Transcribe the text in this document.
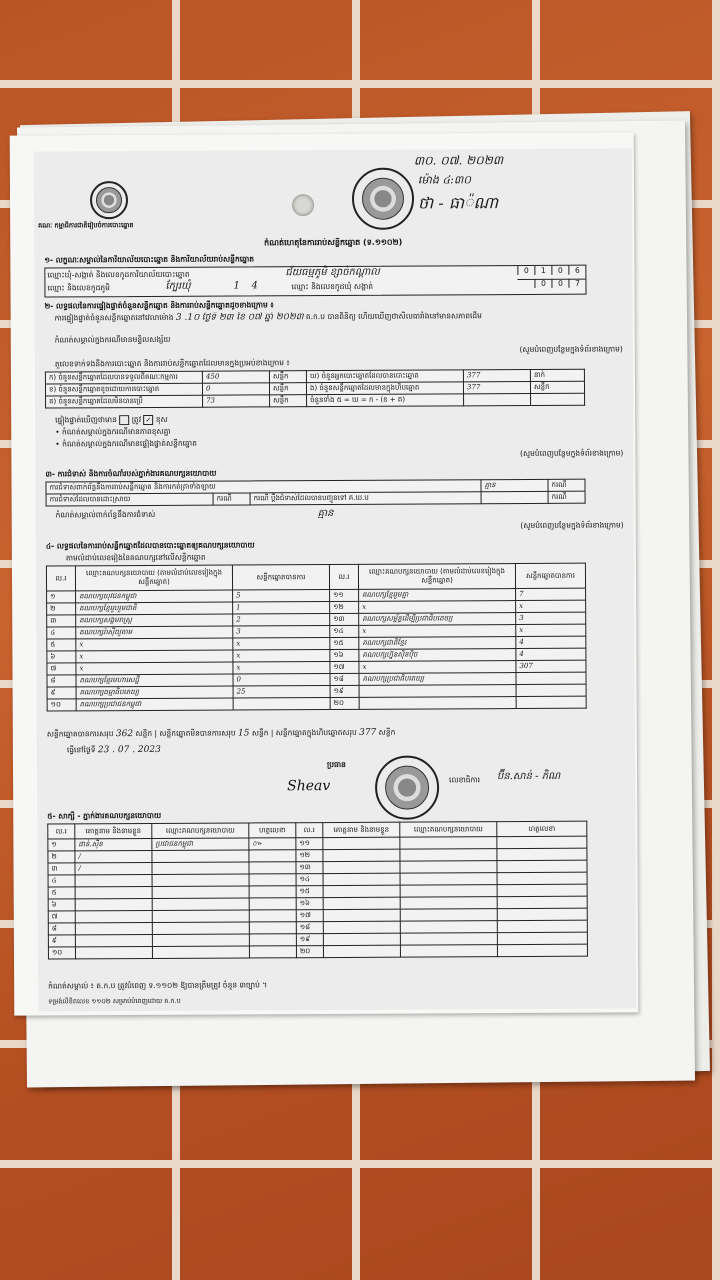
គណៈ កម្មាធិការជាតិរៀបចំការបោះឆ្នោត
៣០. ០៧. ២០២៣
ម៉ោង ៤:៣០
ថា - ធា៉ណា
កំណត់ហេតុនៃការរាប់សន្លឹកឆ្នោត (ទ.១១០២)
១- លក្ខណៈសម្គាល់នៃការិយាល័យបោះឆ្នោត និងការិយាល័យរាប់សន្លឹកឆ្នោត
ឈ្មោះឃុំ-សង្កាត់ និងលេខកូដការិយាល័យបោះឆ្នោត	ជ័យធម្មភូមិ ខ្សាច់កណ្ដាល	0 1 0 6
ឈ្មោះ និងលេខកូដភូមិ	ក្បែរ​ឃុំ	1 4	ឈ្មោះ និងលេខកូដឃុំ សង្កាត់	0 0 7
២- លទ្ធផលនៃការផ្ទៀងផ្ទាត់ចំនួនសន្លឹកឆ្នោត និងការរាប់សន្លឹកឆ្នោតដូចខាងក្រោម ៖
ការផ្ទៀងផ្ទាត់ចំនួនសន្លឹកឆ្នោតនៅវេលាម៉ោង 3 .1០ ថ្ងៃទី ២៣ ខែ ០៧ ឆ្នាំ ២០២៣ គ.ក.ប បានពិនិត្យ ហើយឃើញថាសិលធារាំងនៅមានសភាពដើម
កំណត់សម្គាល់ក្នុងករណីមានមន្ទិលសង្ស័យ
(សូមបំពេញបន្ថែមក្នុងទំព័រខាងក្រោម)
តួលេខទាក់ទងនឹងការបោះឆ្នោត និងការរាប់សន្លឹកឆ្នោតដែលមានក្នុងប្រអប់ខាងក្រោម ៖
ក) ចំនួនសន្លឹកឆ្នោតដែលបានទទួលពីគណៈកម្មការ	450	សន្លឹក	ឃ) ចំនួនអ្នកបោះឆ្នោតដែលបានបោះឆ្នោត	377	នាក់
ខ) ចំនួនសន្លឹកឆ្នោតខូចដោយការបោះឆ្នោត	0	សន្លឹក	ង) ចំនួនសន្លឹកឆ្នោតដែលមានក្នុងហិបឆ្នោត	377	សន្លឹក
គ) ចំនួនសន្លឹកឆ្នោតដែលមិនបានប្រើ	73	សន្លឹក	ចំនួនទាំង ៥ = ឃ = ក - (ខ + គ)		
ផ្ទៀងផ្ទាត់ឃើញថាមាន ត្រូវ ✓ ខុស
• កំណត់សម្គាល់ក្នុងករណីមានភាពខុសគ្នា
• កំណត់សម្គាល់ក្នុងករណីមានផ្ទៀងផ្ទាត់សន្លឹកឆ្នោត
(សូមបំពេញបន្ថែមក្នុងទំព័រខាងក្រោម)
៣- ការជំទាស់ និងការចំណាំរបស់ភ្នាក់ងារគណបក្សនយោបាយ
ការជំទាស់ពាក់ព័ន្ធនឹងការរាប់សន្លឹកឆ្នោត និងការកត់ត្រាទាំងឡាយ			គ្មាន	ករណី
ការជំទាស់ដែលបានដោះស្រាយ	ករណី	ករណី ប្តឹងជំទាស់ដែលបានបញ្ជូនទៅ គ.ឃ.ប		ករណី
កំណត់សម្គាល់ពាក់ព័ន្ធនឹងការជំទាស់	គ្មាន
(សូមបំពេញបន្ថែមក្នុងទំព័រខាងក្រោម)
៤- លទ្ធផលនៃការរាប់សន្លឹកឆ្នោតដែលបានបោះឆ្នោតឲ្យគណបក្សនយោបាយ
តាមលំដាប់លេខរៀងនៃគណបក្សនៅលើសន្លឹកឆ្នោត
ល.រ	ឈ្មោះគណបក្សនយោបាយ (តាមលំដាប់លេខរៀងក្នុងសន្លឹកឆ្នោត)	សន្លឹកឆ្នោតបានការ	ល.រ	ឈ្មោះគណបក្សនយោបាយ (តាមលំដាប់លេខរៀងក្នុងសន្លឹកឆ្នោត)	សន្លឹកឆ្នោតបានការ
១	គណបក្សយុវជនកម្ពុជា	5	១១	គណបក្សខ្មែររួមគ្នា	7
២	គណបក្សខ្មែររួបរួមជាតិ	1	១២	x	x
៣	គណបក្សសង្គមរាស្ត្រ	2	១៣	គណបក្សសម្ព័ន្ធដើម្បីប្រជាធិបតេយ្យ	3
៤	គណបក្សរ៉ាស៊ីយូតាម	3	១៤	x	x
៥	x	x	១៥	គណបក្សជាតិខ្មែរ	4
៦	x	x	១៦	គណបក្សហ្វ៊ុនស៊ិនប៉ិច	4
៧	x	x	១៧	x	307
៨	គណបក្សខ្មែរមហាសេដ្ឋី	0	១៨	គណបក្សប្រជាធិបតេយ្យ	
៩	គណបក្សធម្មាធិបតេយ្យ	25	១៩		
១០	គណបក្សប្រជាជនកម្ពុជា		២០		
សន្លឹកឆ្នោតបានការសរុប 362 សន្លឹក | សន្លឹកឆ្នោតមិនបានការសរុប 15 សន្លឹក | សន្លឹកឆ្នោតក្នុងហិបឆ្នោតសរុប 377 សន្លឹក
ធ្វើនៅថ្ងៃទី 23 . 07 . 2023
ប្រធាន
Sheav	លេខាធិការ ប៊ីន.សាន់ - ភិណ
៥- សាក្សី - ភ្នាក់ងារគណបក្សនយោបាយ
ល.រ	គោត្តនាម និងនាមខ្លួន	ឈ្មោះគណបក្សនយោបាយ	ហត្ថលេខា	ល.រ	គោត្តនាម និងនាមខ្លួន	ឈ្មោះគណបក្សនយោបាយ	ហត្ថលេខា
១	ផាន់.ស៊ីន	ប្រជាជនកម្ពុជា	៚	១១			
២	/			១២			
៣	/			១៣			
៤				១៤			
៥				១៥			
៦				១៦			
៧				១៧			
៨				១៨			
៩				១៩			
១០				២០			
កំណត់សម្គាល់ ៖ គ.ក.ប ត្រូវបំពេញ ទ.១១០២ ឱ្យបានត្រឹមត្រូវ ចំនួន ៣ច្បាប់ ។
ទម្រង់លិខិតលេខ ១១០២ សម្រាប់បំពេញដោយ គ.ក.ប
